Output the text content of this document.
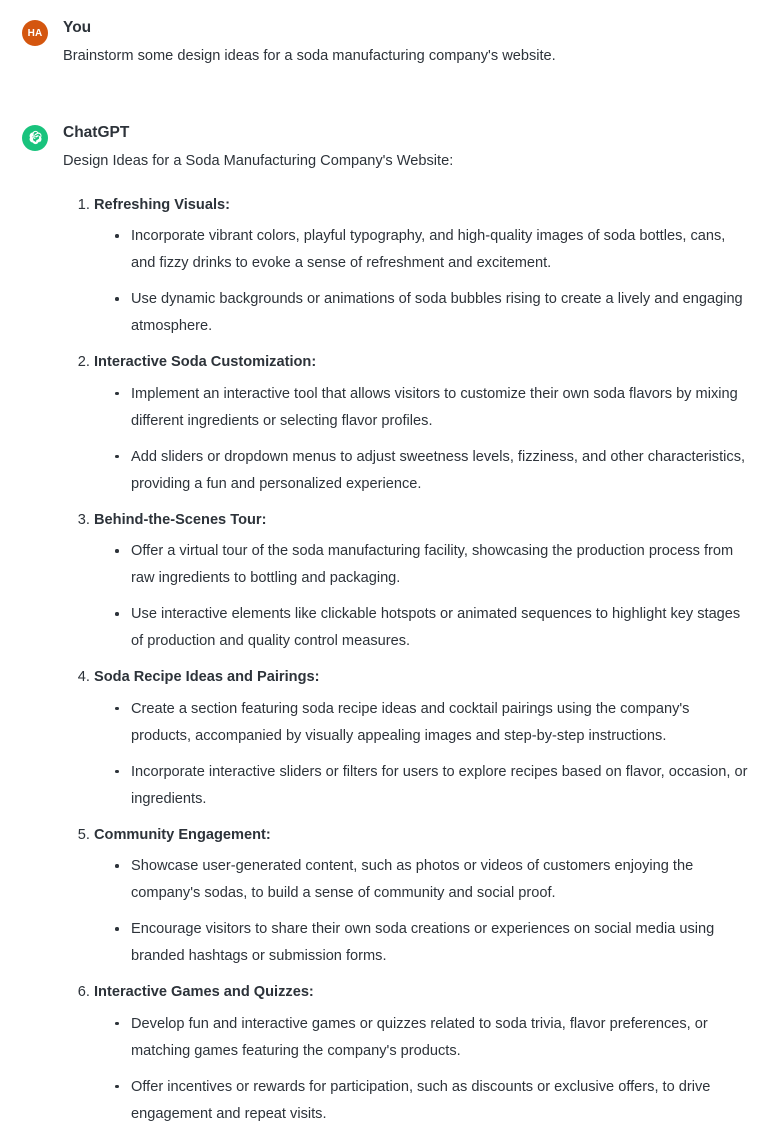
HA	You
Brainstorm some design ideas for a soda manufacturing company's website.
ChatGPT
Design Ideas for a Soda Manufacturing Company's Website:
1. Refreshing Visuals:
Incorporate vibrant colors, playful typography, and high-quality images of soda bottles, cans, and fizzy drinks to evoke a sense of refreshment and excitement.
Use dynamic backgrounds or animations of soda bubbles rising to create a lively and engaging atmosphere.
2. Interactive Soda Customization:
Implement an interactive tool that allows visitors to customize their own soda flavors by mixing different ingredients or selecting flavor profiles.
Add sliders or dropdown menus to adjust sweetness levels, fizziness, and other characteristics, providing a fun and personalized experience.
3. Behind-the-Scenes Tour:
Offer a virtual tour of the soda manufacturing facility, showcasing the production process from raw ingredients to bottling and packaging.
Use interactive elements like clickable hotspots or animated sequences to highlight key stages of production and quality control measures.
4. Soda Recipe Ideas and Pairings:
Create a section featuring soda recipe ideas and cocktail pairings using the company's products, accompanied by visually appealing images and step-by-step instructions.
Incorporate interactive sliders or filters for users to explore recipes based on flavor, occasion, or ingredients.
5. Community Engagement:
Showcase user-generated content, such as photos or videos of customers enjoying the company's sodas, to build a sense of community and social proof.
Encourage visitors to share their own soda creations or experiences on social media using branded hashtags or submission forms.
6. Interactive Games and Quizzes:
Develop fun and interactive games or quizzes related to soda trivia, flavor preferences, or matching games featuring the company's products.
Offer incentives or rewards for participation, such as discounts or exclusive offers, to drive engagement and repeat visits.
